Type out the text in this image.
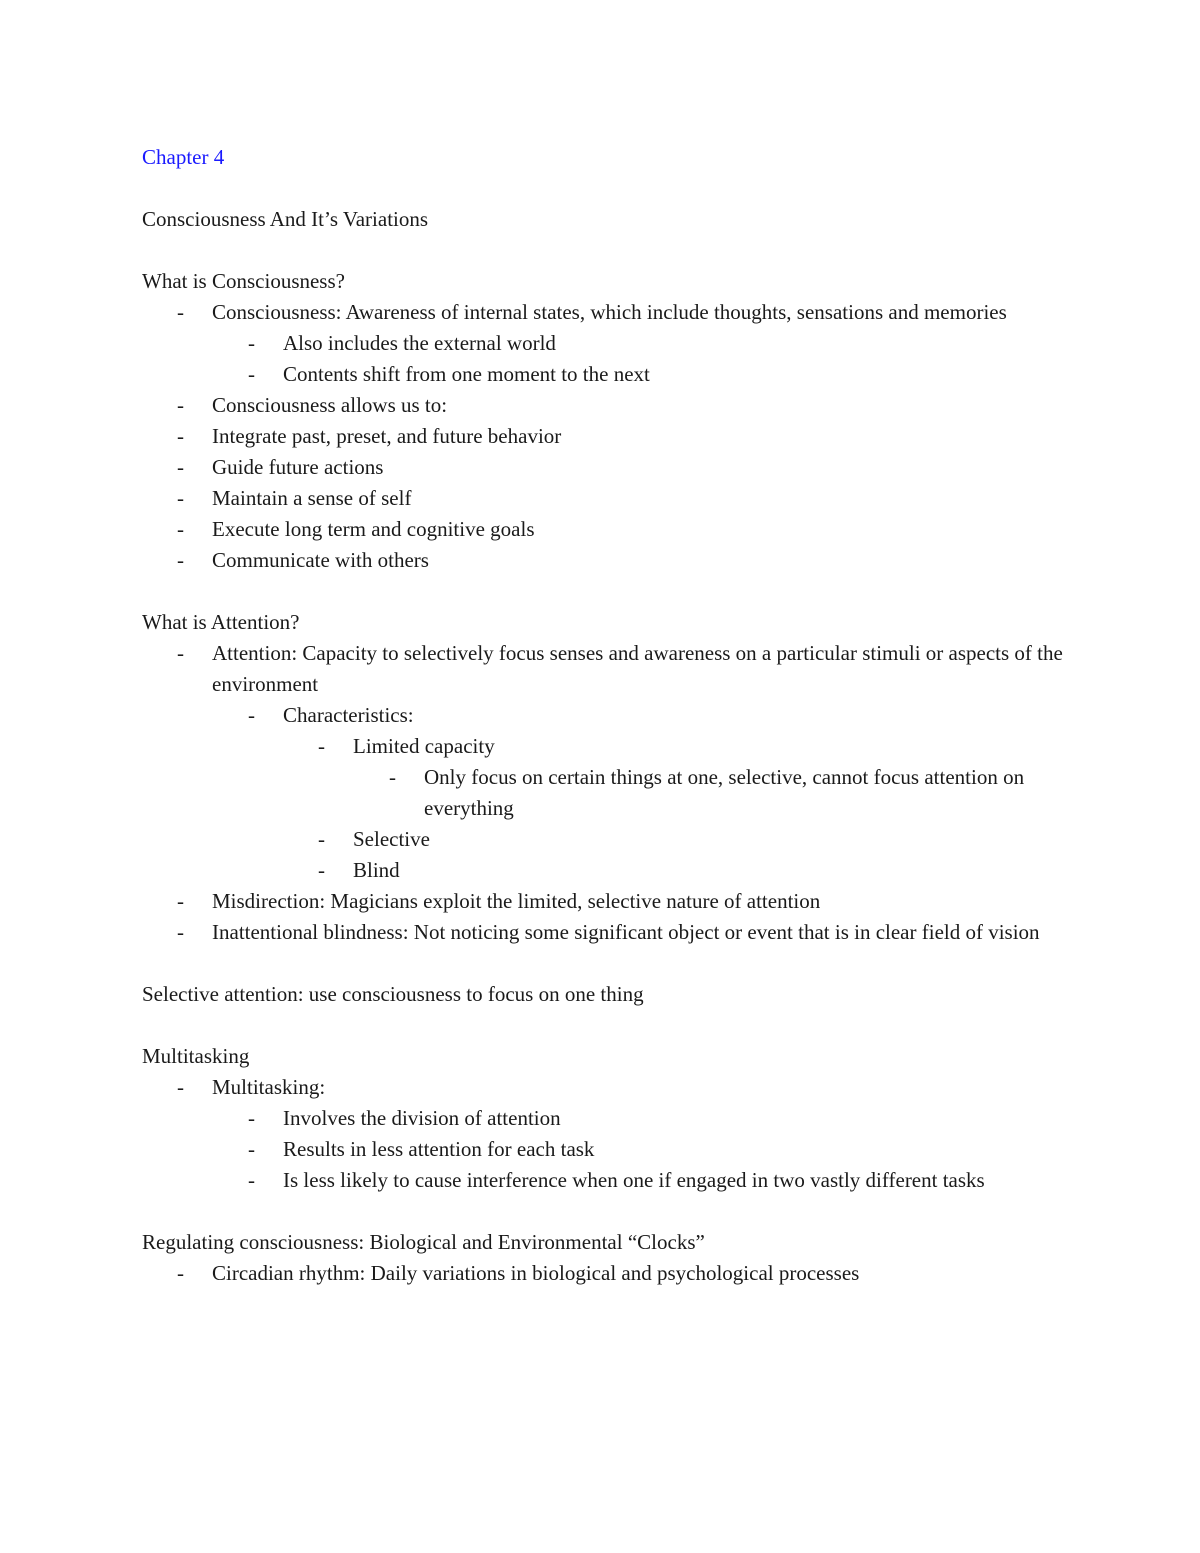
Chapter 4

Consciousness And It’s Variations

What is Consciousness?

- Consciousness: Awareness of internal states, which include thoughts, sensations and memories
- Also includes the external world
- Contents shift from one moment to the next
- Consciousness allows us to:
- Integrate past, preset, and future behavior
- Guide future actions
- Maintain a sense of self
- Execute long term and cognitive goals
- Communicate with others

What is Attention?

- Attention: Capacity to selectively focus senses and awareness on a particular stimuli or aspects of the environment
- Characteristics:
- Limited capacity
- Only focus on certain things at one, selective, cannot focus attention on everything
- Selective
- Blind
- Misdirection: Magicians exploit the limited, selective nature of attention
- Inattentional blindness: Not noticing some significant object or event that is in clear field of vision

Selective attention: use consciousness to focus on one thing

Multitasking

- Multitasking:
- Involves the division of attention
- Results in less attention for each task
- Is less likely to cause interference when one if engaged in two vastly different tasks

Regulating consciousness: Biological and Environmental “Clocks”

- Circadian rhythm: Daily variations in biological and psychological processes
